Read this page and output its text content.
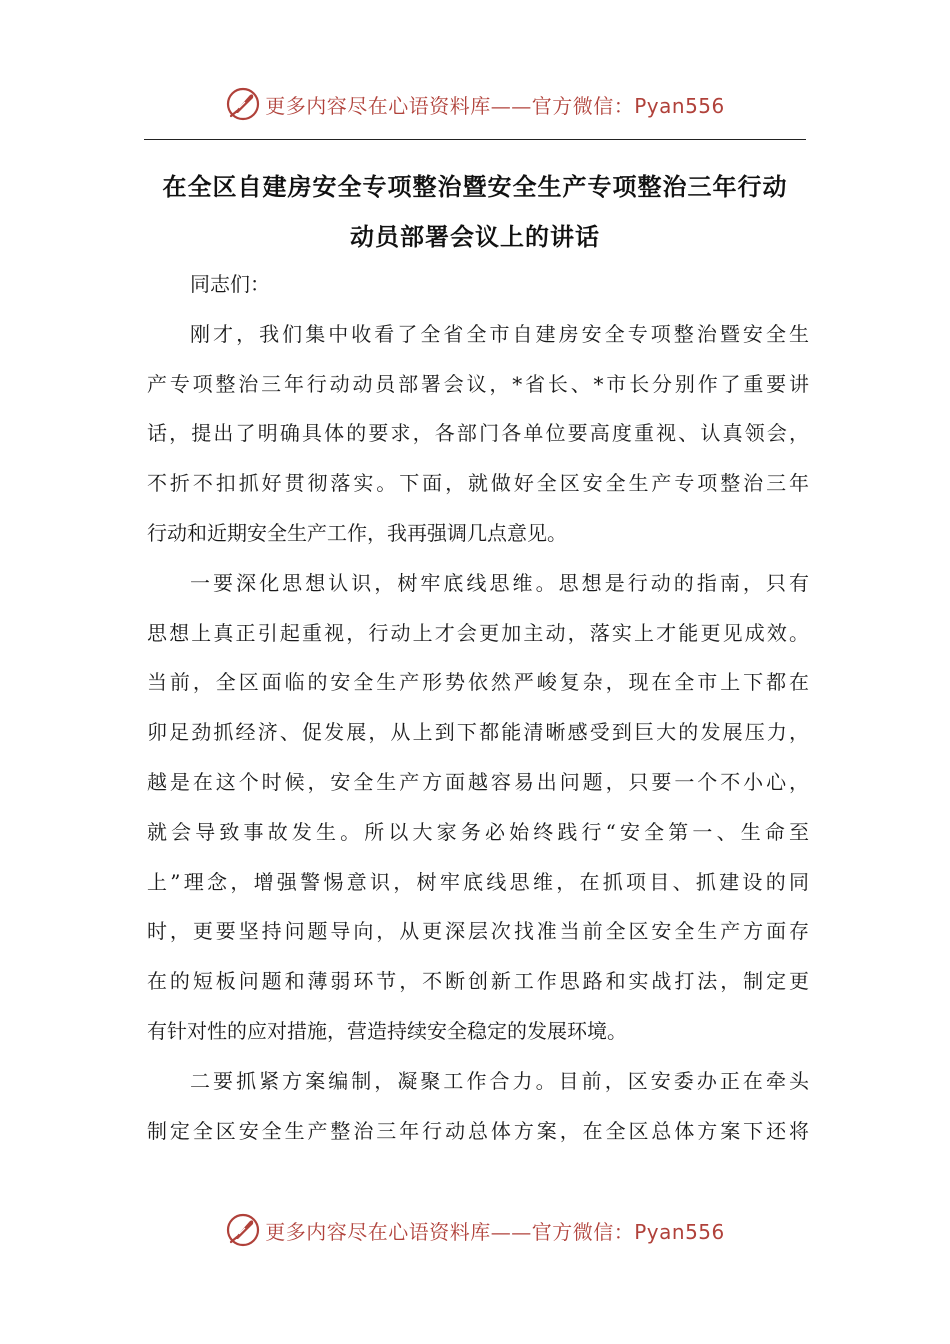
更多内容尽在心语资料库——官方微信：Pyan556
在全区自建房安全专项整治暨安全生产专项整治三年行动
动员部署会议上的讲话
同志们：
刚才，我们集中收看了全省全市自建房安全专项整治暨安全生
产专项整治三年行动动员部署会议，*省长、*市长分别作了重要讲
话，提出了明确具体的要求，各部门各单位要高度重视、认真领会，
不折不扣抓好贯彻落实。下面，就做好全区安全生产专项整治三年
行动和近期安全生产工作，我再强调几点意见。
一要深化思想认识，树牢底线思维。思想是行动的指南，只有
思想上真正引起重视，行动上才会更加主动，落实上才能更见成效。
当前，全区面临的安全生产形势依然严峻复杂，现在全市上下都在
卯足劲抓经济、促发展，从上到下都能清晰感受到巨大的发展压力，
越是在这个时候，安全生产方面越容易出问题，只要一个不小心，
就会导致事故发生。所以大家务必始终践行“安全第一、生命至
上”理念，增强警惕意识，树牢底线思维，在抓项目、抓建设的同
时，更要坚持问题导向，从更深层次找准当前全区安全生产方面存
在的短板问题和薄弱环节，不断创新工作思路和实战打法，制定更
有针对性的应对措施，营造持续安全稳定的发展环境。
二要抓紧方案编制，凝聚工作合力。目前，区安委办正在牵头
制定全区安全生产整治三年行动总体方案，在全区总体方案下还将
更多内容尽在心语资料库——官方微信：Pyan556
